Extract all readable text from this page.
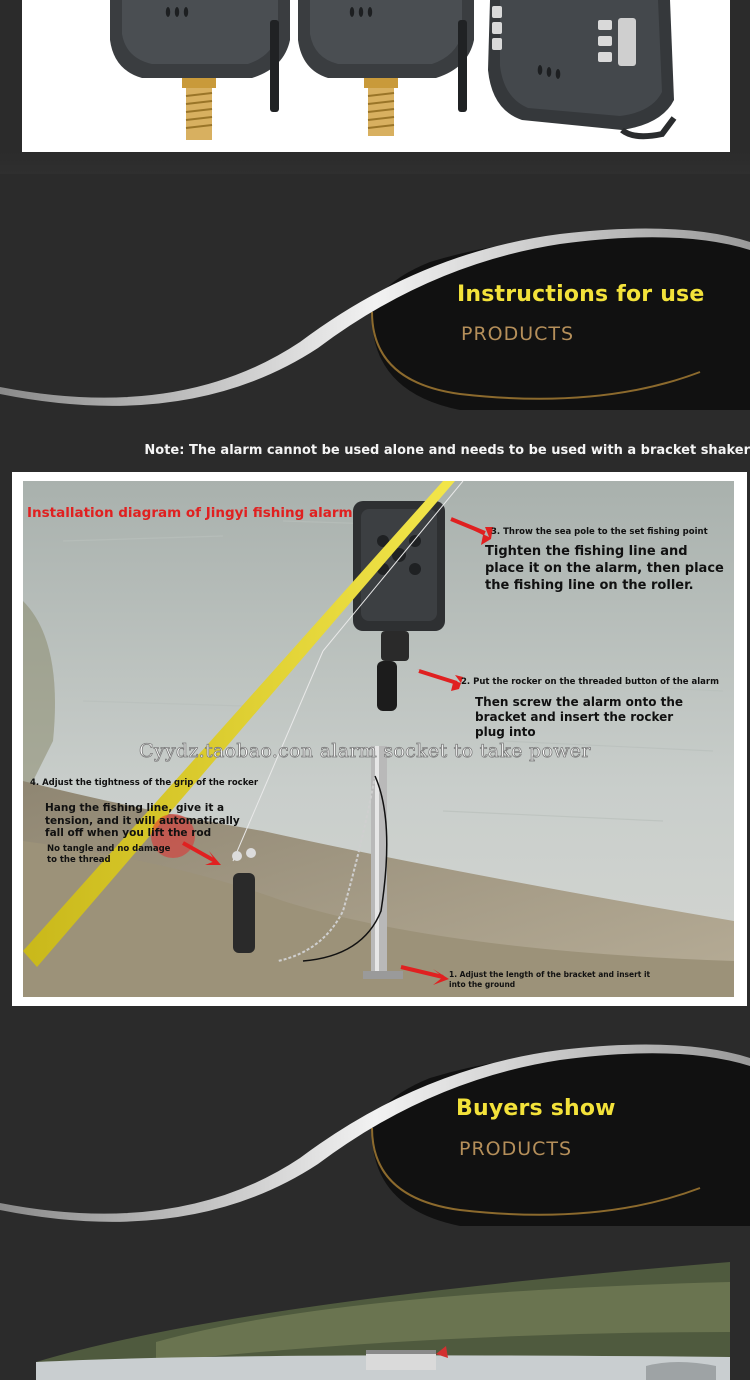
Instructions for use
PRODUCTS
Note: The alarm cannot be used alone and needs to be used with a bracket shaker
Installation diagram of Jingyi fishing alarm
3. Throw the sea pole to the set fishing point
Tighten the fishing line and place it on the alarm, then place the fishing line on the roller.
2. Put the rocker on the threaded button of the alarm
Then screw the alarm onto the bracket and insert the rocker plug into
Cyydz.taobao.con alarm socket to take power
4. Adjust the tightness of the grip of the rocker
Hang the fishing line, give it a tension, and it will automatically fall off when you lift the rod
No tangle and no damage to the thread
1. Adjust the length of the bracket and insert it into the ground
Buyers show
PRODUCTS
